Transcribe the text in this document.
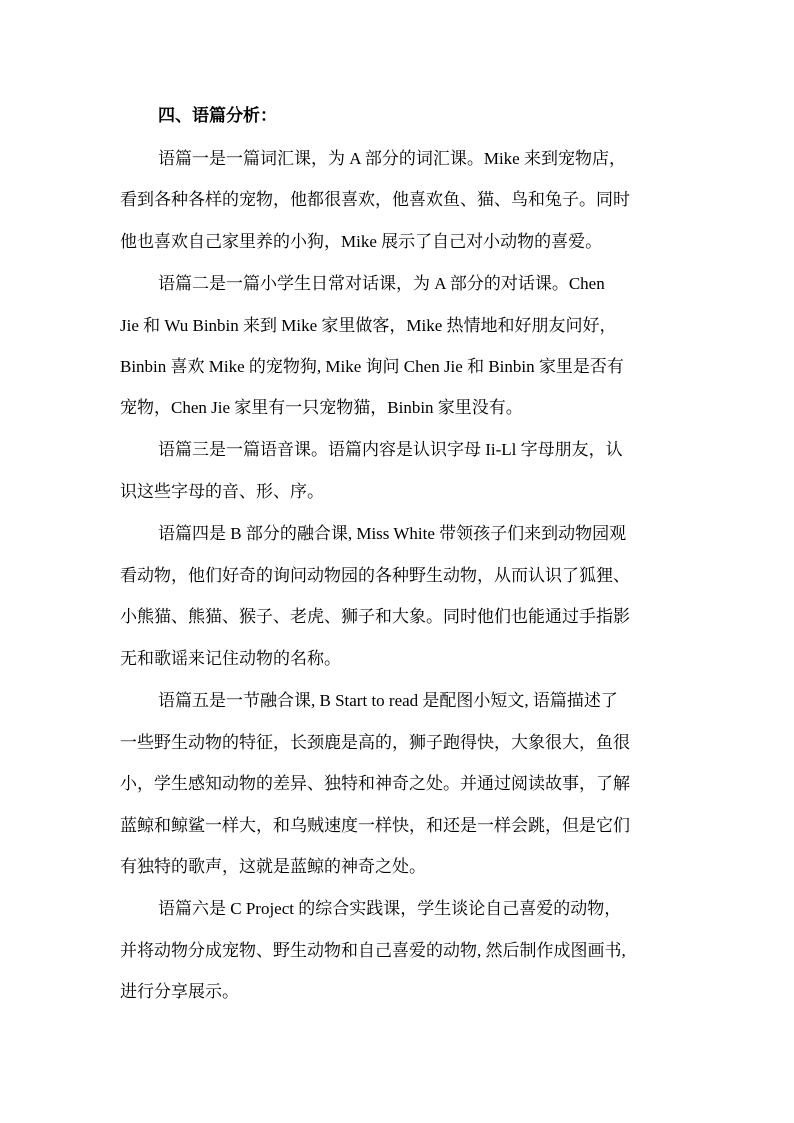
四、语篇分析：
语篇一是一篇词汇课，为 A 部分的词汇课。Mike 来到宠物店，
看到各种各样的宠物，他都很喜欢，他喜欢鱼、猫、鸟和兔子。同时
他也喜欢自己家里养的小狗，Mike 展示了自己对小动物的喜爱。
语篇二是一篇小学生日常对话课，为 A 部分的对话课。Chen
Jie 和 Wu Binbin 来到 Mike 家里做客，Mike 热情地和好朋友问好，
Binbin 喜欢 Mike 的宠物狗, Mike 询问 Chen Jie 和 Binbin 家里是否有
宠物，Chen Jie 家里有一只宠物猫，Binbin 家里没有。
语篇三是一篇语音课。语篇内容是认识字母 Ii-Ll 字母朋友，认
识这些字母的音、形、序。
语篇四是 B 部分的融合课, Miss White 带领孩子们来到动物园观
看动物，他们好奇的询问动物园的各种野生动物，从而认识了狐狸、
小熊猫、熊猫、猴子、老虎、狮子和大象。同时他们也能通过手指影
无和歌谣来记住动物的名称。
语篇五是一节融合课, B Start to read 是配图小短文, 语篇描述了
一些野生动物的特征，长颈鹿是高的，狮子跑得快，大象很大，鱼很
小，学生感知动物的差异、独特和神奇之处。并通过阅读故事，了解
蓝鲸和鲸鲨一样大，和乌贼速度一样快，和还是一样会跳，但是它们
有独特的歌声，这就是蓝鲸的神奇之处。
语篇六是 C Project 的综合实践课，学生谈论自己喜爱的动物，
并将动物分成宠物、野生动物和自己喜爱的动物, 然后制作成图画书,
进行分享展示。
